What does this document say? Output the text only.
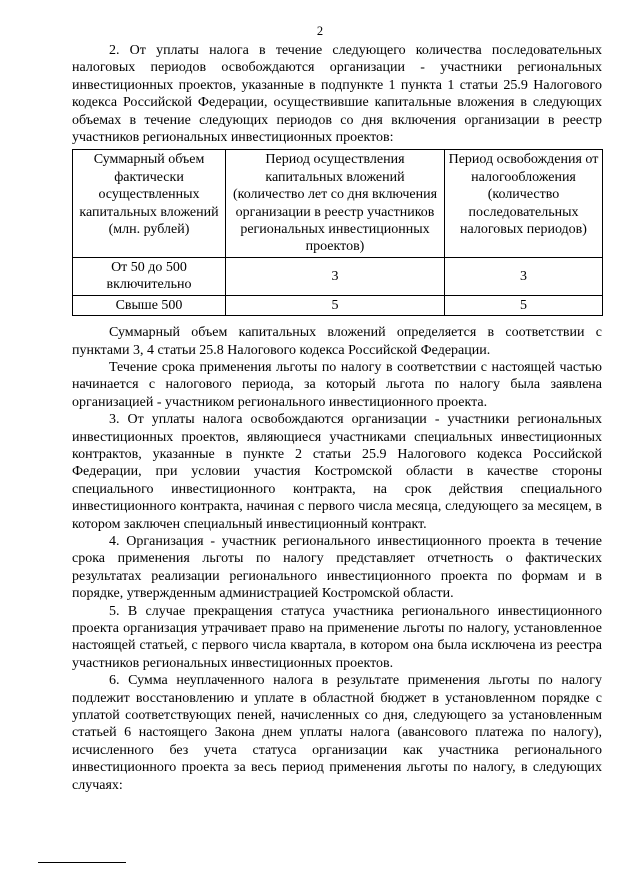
2

2. От уплаты налога в течение следующего количества последовательных налоговых периодов освобождаются организации - участники региональных инвестиционных проектов, указанные в подпункте 1 пункта 1 статьи 25.9 Налогового кодекса Российской Федерации, осуществившие капитальные вложения в следующих объемах в течение следующих периодов со дня включения организации в реестр участников региональных инвестиционных проектов:

Суммарный объем фактически осуществленных капитальных вложений (млн. рублей)	Период осуществления капитальных вложений (количество лет со дня включения организации в реестр участников региональных инвестиционных проектов)	Период освобождения от налогообложения (количество последовательных налоговых периодов)
От 50 до 500 включительно	3	3
Свыше 500	5	5

Суммарный объем капитальных вложений определяется в соответствии с пунктами 3, 4 статьи 25.8 Налогового кодекса Российской Федерации.

Течение срока применения льготы по налогу в соответствии с настоящей частью начинается с налогового периода, за который льгота по налогу была заявлена организацией - участником регионального инвестиционного проекта.

3. От уплаты налога освобождаются организации - участники региональных инвестиционных проектов, являющиеся участниками специальных инвестиционных контрактов, указанные в пункте 2 статьи 25.9 Налогового кодекса Российской Федерации, при условии участия Костромской области в качестве стороны специального инвестиционного контракта, на срок действия специального инвестиционного контракта, начиная с первого числа месяца, следующего за месяцем, в котором заключен специальный инвестиционный контракт.

4. Организация - участник регионального инвестиционного проекта в течение срока применения льготы по налогу представляет отчетность о фактических результатах реализации регионального инвестиционного проекта по формам и в порядке, утвержденным администрацией Костромской области.

5. В случае прекращения статуса участника регионального инвестиционного проекта организация утрачивает право на применение льготы по налогу, установленное настоящей статьей, с первого числа квартала, в котором она была исключена из реестра участников региональных инвестиционных проектов.

6. Сумма неуплаченного налога в результате применения льготы по налогу подлежит восстановлению и уплате в областной бюджет в установленном порядке с уплатой соответствующих пеней, начисленных со дня, следующего за установленным статьей 6 настоящего Закона днем уплаты налога (авансового платежа по налогу), исчисленного без учета статуса организации как участника регионального инвестиционного проекта за весь период применения льготы по налогу, в следующих случаях:
